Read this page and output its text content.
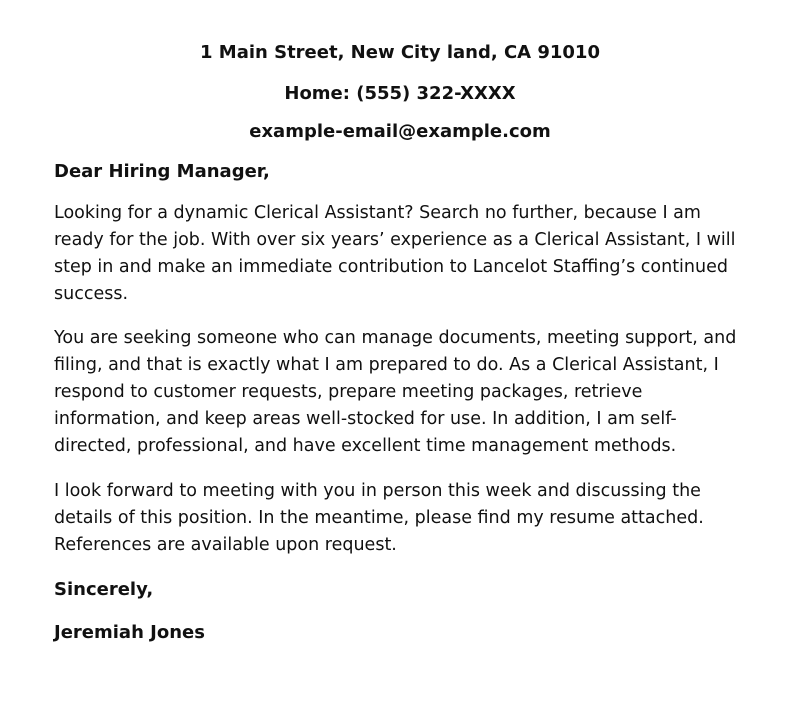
1 Main Street, New City land, CA 91010
Home: (555) 322-XXXX
example-email@example.com
Dear Hiring Manager,

Looking for a dynamic Clerical Assistant? Search no further, because I am
ready for the job. With over six years’ experience as a Clerical Assistant, I will
step in and make an immediate contribution to Lancelot Staffing’s continued
success.

You are seeking someone who can manage documents, meeting support, and
filing, and that is exactly what I am prepared to do. As a Clerical Assistant, I
respond to customer requests, prepare meeting packages, retrieve
information, and keep areas well-stocked for use. In addition, I am self-
directed, professional, and have excellent time management methods.

I look forward to meeting with you in person this week and discussing the
details of this position. In the meantime, please find my resume attached.
References are available upon request.

Sincerely,
Jeremiah Jones
